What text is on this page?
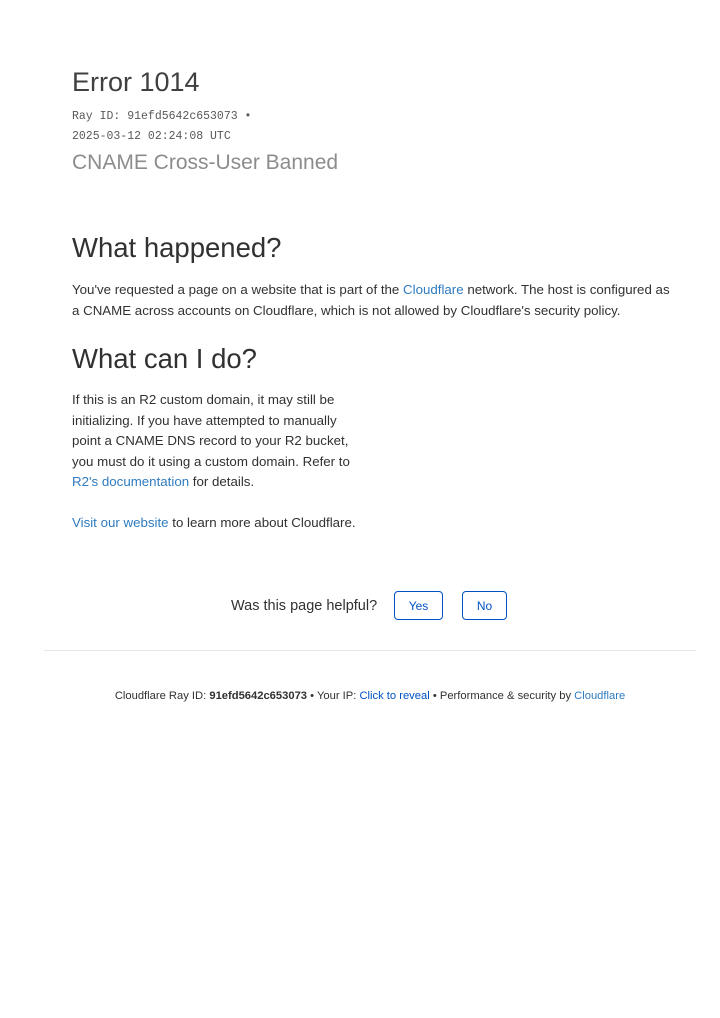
Error 1014
Ray ID: 91efd5642c653073 •
2025-03-12 02:24:08 UTC
CNAME Cross-User Banned
What happened?

You've requested a page on a website that is part of the Cloudflare network. The host is configured as a CNAME across accounts on Cloudflare, which is not allowed by Cloudflare's security policy.

What can I do?

If this is an R2 custom domain, it may still be initializing. If you have attempted to manually point a CNAME DNS record to your R2 bucket, you must do it using a custom domain. Refer to R2's documentation for details.

Visit our website to learn more about Cloudflare.

Was this page helpful?	Yes	No
Cloudflare Ray ID: 91efd5642c653073 • Your IP: Click to reveal • Performance & security by Cloudflare
